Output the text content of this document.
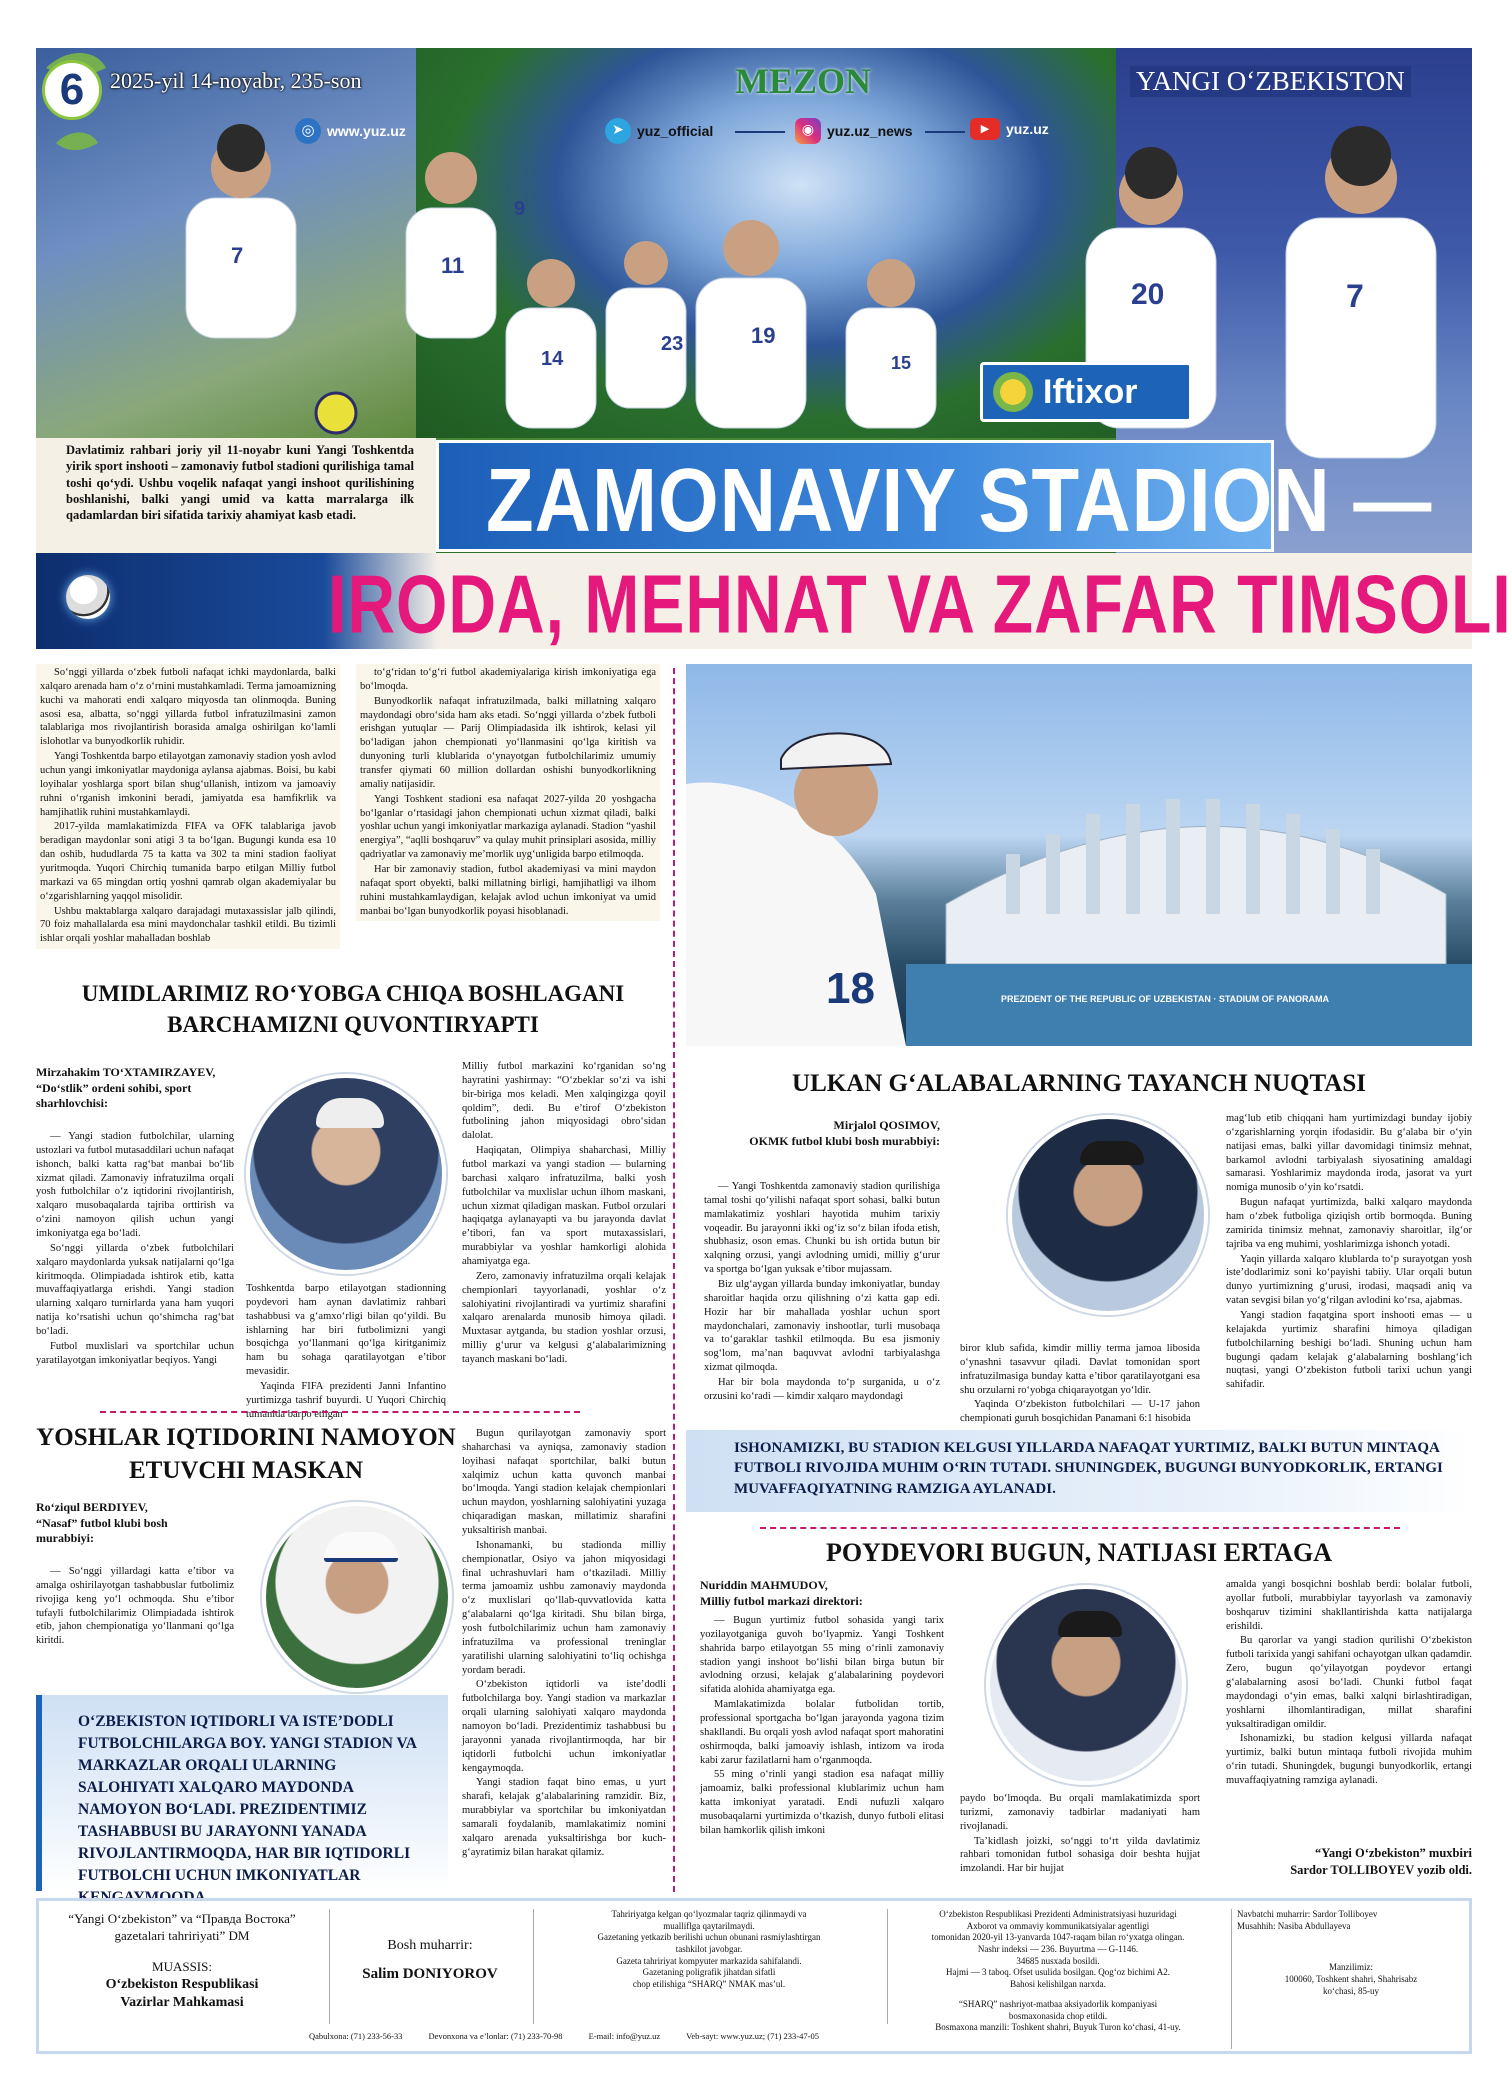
7
9
11
23
14
19
15
20	7
6	2025-yil 14-noyabr, 235-son	MEZON	YANGI O‘ZBEKISTON
◎ www.yuz.uz	➤ yuz_official	◉ yuz.uz_news	▶	yuz.uz
Iftixor
Davlatimiz rahbari joriy yil 11-noyabr kuni Yangi Toshkentda yirik sport inshooti – zamonaviy futbol stadioni qurilishiga tamal toshi qo‘ydi. Ushbu voqelik nafaqat yangi inshoot qurilishining boshlanishi, balki yangi umid va katta marralarga ilk qadamlardan biri sifatida tarixiy ahamiyat kasb etadi.	ZAMONAVIY STADION —
IRODA, MEHNAT VA ZAFAR TIMSOLI

So‘nggi yillarda o‘zbek futboli nafaqat ichki maydonlarda, balki xalqaro arenada ham o‘z o‘rnini mustahkamladi. Terma jamoamizning kuchi va mahorati endi xalqaro miqyosda tan olinmoqda. Buning asosi esa, albatta, so‘nggi yillarda futbol infratuzilmasini zamon talablariga mos rivojlantirish borasida amalga oshirilgan ko‘lamli islohotlar va bunyodkorlik ruhidir.

Yangi Toshkentda barpo etilayotgan zamonaviy stadion yosh avlod uchun yangi imkoniyatlar maydoniga aylansa ajabmas. Boisi, bu kabi loyihalar yoshlarga sport bilan shug‘ullanish, intizom va jamoaviy ruhni o‘rganish imkonini beradi, jamiyatda esa hamfikrlik va hamjihatlik ruhini mustahkamlaydi.

2017-yilda mamlakatimizda FIFA va OFK talablariga javob beradigan maydonlar soni atigi 3 ta bo‘lgan. Bugungi kunda esa 10 dan oshib, hududlarda 75 ta katta va 302 ta mini stadion faoliyat yuritmoqda. Yuqori Chirchiq tumanida barpo etilgan Milliy futbol markazi va 65 mingdan ortiq yoshni qamrab olgan akademiyalar bu o‘zgarishlarning yaqqol misolidir.

Ushbu maktablarga xalqaro darajadagi mutaxassislar jalb qilindi, 70 foiz mahallalarda esa mini maydonchalar tashkil etildi. Bu tizimli ishlar orqali yoshlar mahalladan boshlab

to‘g‘ridan to‘g‘ri futbol akademiyalariga kirish imkoniyatiga ega bo‘lmoqda.

Bunyodkorlik nafaqat infratuzilmada, balki millatning xalqaro maydondagi obro‘sida ham aks etadi. So‘nggi yillarda o‘zbek futboli erishgan yutuqlar — Parij Olimpiadasida ilk ishtirok, kelasi yil bo‘ladigan jahon chempionati yo‘llanmasini qo‘lga kiritish va dunyoning turli klublarida o‘ynayotgan futbolchilarimiz umumiy transfer qiymati 60 million dollardan oshishi bunyodkorlikning amaliy natijasidir.

Yangi Toshkent stadioni esa nafaqat 2027-yilda 20 yoshgacha bo‘lganlar o‘rtasidagi jahon chempionati uchun xizmat qiladi, balki yoshlar uchun yangi imkoniyatlar markaziga aylanadi. Stadion “yashil energiya”, “aqlli boshqaruv” va qulay muhit prinsiplari asosida, milliy qadriyatlar va zamonaviy me’morlik uyg‘unligida barpo etilmoqda.

Har bir zamonaviy stadion, futbol akademiyasi va mini maydon nafaqat sport obyekti, balki millatning birligi, hamjihatligi va ilhom ruhini mustahkamlaydigan, kelajak avlod uchun imkoniyat va umid manbai bo‘lgan bunyodkorlik poyasi hisoblanadi.

18	PREZIDENT OF THE REPUBLIC OF UZBEKISTAN · STADIUM OF PANORAMA
UMIDLARIMIZ RO‘YOBGA CHIQA BOSHLAGANI BARCHAMIZNI QUVONTIRYAPTI
Mirzahakim TO‘XTAMIRZAYEV,
“Do‘stlik” ordeni sohibi, sport sharhlovchisi:

— Yangi stadion futbolchilar, ularning ustozlari va futbol mutasaddilari uchun nafaqat ishonch, balki katta rag‘bat manbai bo‘lib xizmat qiladi. Zamonaviy infratuzilma orqali yosh futbolchilar o‘z iqtidorini rivojlantirish, xalqaro musobaqalarda tajriba orttirish va o‘zini namoyon qilish uchun yangi imkoniyatga ega bo‘ladi.

So‘nggi yillarda o‘zbek futbolchilari xalqaro maydonlarda yuksak natijalarni qo‘lga kiritmoqda. Olimpiadada ishtirok etib, katta muvaffaqiyatlarga erishdi. Yangi stadion ularning xalqaro turnirlarda yana ham yuqori natija ko‘rsatishi uchun qo‘shimcha rag‘bat bo‘ladi.

Futbol muxlislari va sportchilar uchun yaratilayotgan imkoniyatlar beqiyos. Yangi

Toshkentda barpo etilayotgan stadionning poydevori ham aynan davlatimiz rahbari tashabbusi va g‘amxo‘rligi bilan qo‘yildi. Bu ishlarning har biri futbolimizni yangi bosqichga yo‘llanmani qo‘lga kiritganimiz ham bu sohaga qaratilayotgan e’tibor mevasidir.

Yaqinda FIFA prezidenti Janni Infantino yurtimizga tashrif buyurdi. U Yuqori Chirchiq tumanida barpo etilgan

Milliy futbol markazini ko‘rganidan so‘ng hayratini yashirmay: “O‘zbeklar so‘zi va ishi bir-biriga mos keladi. Men xalqingizga qoyil qoldim”, dedi. Bu e’tirof O‘zbekiston futbolining jahon miqyosidagi obro‘sidan dalolat.

Haqiqatan, Olimpiya shaharchasi, Milliy futbol markazi va yangi stadion — bularning barchasi xalqaro infratuzilma, balki yosh futbolchilar va muxlislar uchun ilhom maskani, uchun xizmat qiladigan maskan. Futbol orzulari haqiqatga aylanayapti va bu jarayonda davlat e’tibori, fan va sport mutaxassislari, murabbiylar va yoshlar hamkorligi alohida ahamiyatga ega.

Zero, zamonaviy infratuzilma orqali kelajak chempionlari tayyorlanadi, yoshlar o‘z salohiyatini rivojlantiradi va yurtimiz sharafini xalqaro arenalarda munosib himoya qiladi. Muxtasar aytganda, bu stadion yoshlar orzusi, milliy g‘urur va kelgusi g‘alabalarimizning tayanch maskani bo‘ladi.

YOSHLAR IQTIDORINI NAMOYON ETUVCHI MASKAN
Ro‘ziqul BERDIYEV,
“Nasaf” futbol klubi bosh murabbiyi:

— So‘nggi yillardagi katta e’tibor va amalga oshirilayotgan tashabbuslar futbolimiz rivojiga keng yo‘l ochmoqda. Shu e’tibor tufayli futbolchilarimiz Olimpiadada ishtirok etib, jahon chempionatiga yo‘llanmani qo‘lga kiritdi.

Bugun qurilayotgan zamonaviy sport shaharchasi va ayniqsa, zamonaviy stadion loyihasi nafaqat sportchilar, balki butun xalqimiz uchun katta quvonch manbai bo‘lmoqda. Yangi stadion kelajak chempionlari uchun maydon, yoshlarning salohiyatini yuzaga chiqaradigan maskan, millatimiz sharafini yuksaltirish manbai.

Ishonamanki, bu stadionda milliy chempionatlar, Osiyo va jahon miqyosidagi final uchrashuvlari ham o‘tkaziladi. Milliy terma jamoamiz ushbu zamonaviy maydonda o‘z muxlislari qo‘llab-quvvatlovida katta g‘alabalarni qo‘lga kiritadi. Shu bilan birga, yosh futbolchilarimiz uchun ham zamonaviy infratuzilma va professional treninglar yaratilishi ularning salohiyatini to‘liq ochishga yordam beradi.

O‘zbekiston iqtidorli va iste’dodli futbolchilarga boy. Yangi stadion va markazlar orqali ularning salohiyati xalqaro maydonda namoyon bo‘ladi. Prezidentimiz tashabbusi bu jarayonni yanada rivojlantirmoqda, har bir iqtidorli futbolchi uchun imkoniyatlar kengaymoqda.

Yangi stadion faqat bino emas, u yurt sharafi, kelajak g‘alabalarining ramzidir. Biz, murabbiylar va sportchilar bu imkoniyatdan samarali foydalanib, mamlakatimiz nomini xalqaro arenada yuksaltirishga bor kuch-g‘ayratimiz bilan harakat qilamiz.

O‘ZBEKISTON IQTIDORLI VA ISTE’DODLI FUTBOLCHILARGA BOY. YANGI STADION VA MARKAZLAR ORQALI ULARNING SALOHIYATI XALQARO MAYDONDA NAMOYON BO‘LADI. PREZIDENTIMIZ TASHABBUSI BU JARAYONNI YANADA RIVOJLANTIRMOQDA, HAR BIR IQTIDORLI FUTBOLCHI UCHUN IMKONIYATLAR
ULKAN G‘ALABALARNING TAYANCH NUQTASI
Mirjalol QOSIMOV,
OKMK futbol klubi bosh murabbiyi:

— Yangi Toshkentda zamonaviy stadion qurilishiga tamal toshi qo‘yilishi nafaqat sport sohasi, balki butun mamlakatimiz yoshlari hayotida muhim tarixiy voqeadir. Bu jarayonni ikki og‘iz so‘z bilan ifoda etish, shubhasiz, oson emas. Chunki bu ish ortida butun bir xalqning orzusi, yangi avlodning umidi, milliy g‘urur va sportga bo‘lgan yuksak e’tibor mujassam.

Biz ulg‘aygan yillarda bunday imkoniyatlar, bunday sharoitlar haqida orzu qilishning o‘zi katta gap edi. Hozir har bir mahallada yoshlar uchun sport maydonchalari, zamonaviy inshootlar, turli musobaqa va to‘garaklar tashkil etilmoqda. Bu esa jismoniy sog‘lom, ma’nan baquvvat avlodni tarbiyalashga xizmat qilmoqda.

Har bir bola maydonda to‘p surganida, u o‘z orzusini ko‘radi — kimdir xalqaro maydondagi

biror klub safida, kimdir milliy terma jamoa libosida o‘ynashni tasavvur qiladi. Davlat tomonidan sport infratuzilmasiga bunday katta e’tibor qaratilayotgani esa shu orzularni ro‘yobga chiqarayotgan yo‘ldir.

Yaqinda O‘zbekiston futbolchilari — U-17 jahon chempionati guruh bosqichidan Panamani 6:1 hisobida

mag‘lub etib chiqqani ham yurtimizdagi bunday ijobiy o‘zgarishlarning yorqin ifodasidir. Bu g‘alaba bir o‘yin natijasi emas, balki yillar davomidagi tinimsiz mehnat, barkamol avlodni tarbiyalash siyosatining amaldagi samarasi. Yoshlarimiz maydonda iroda, jasorat va yurt nomiga munosib o‘yin ko‘rsatdi.

Bugun nafaqat yurtimizda, balki xalqaro maydonda ham o‘zbek futboliga qiziqish ortib bormoqda. Buning zamirida tinimsiz mehnat, zamonaviy sharoitlar, ilg‘or tajriba va eng muhimi, yoshlarimizga ishonch yotadi.

Yaqin yillarda xalqaro klublarda to‘p surayotgan yosh iste’dodlarimiz soni ko‘payishi tabiiy. Ular orqali butun dunyo yurtimizning g‘urusi, irodasi, maqsadi aniq va vatan sevgisi bilan yo‘g‘rilgan avlodini ko‘rsa, ajabmas.

Yangi stadion faqatgina sport inshooti emas — u kelajakda yurtimiz sharafini himoya qiladigan futbolchilarning beshigi bo‘ladi. Shuning uchun ham bugungi qadam kelajak g‘alabalarning boshlang‘ich nuqtasi, yangi O‘zbekiston futboli tarixi uchun yangi sahifadir.

ISHONAMIZKI, BU STADION KELGUSI YILLARDA NAFAQAT YURTIMIZ, BALKI BUTUN MINTAQA FUTBOLI RIVOJIDA MUHIM O‘RIN TUTADI. SHUNINGDEK, BUGUNGI BUNYODKORLIK, ERTANGI MUVAFFAQIYATNING RAMZIGA AYLANADI.
POYDEVORI BUGUN, NATIJASI ERTAGA
Nuriddin MAHMUDOV,
Milliy futbol markazi direktori:

— Bugun yurtimiz futbol sohasida yangi tarix yozilayotganiga guvoh bo‘lyapmiz. Yangi Toshkent shahrida barpo etilayotgan 55 ming o‘rinli zamonaviy stadion yangi inshoot bo‘lishi bilan birga butun bir avlodning orzusi, kelajak g‘alabalarining poydevori sifatida alohida ahamiyatga ega.

Mamlakatimizda bolalar futbolidan tortib, professional sportgacha bo‘lgan jarayonda yagona tizim shakllandi. Bu orqali yosh avlod nafaqat sport mahoratini oshirmoqda, balki jamoaviy ishlash, intizom va iroda kabi zarur fazilatlarni ham o‘rganmoqda.

55 ming o‘rinli yangi stadion esa nafaqat milliy jamoamiz, balki professional klublarimiz uchun ham katta imkoniyat yaratadi. Endi nufuzli xalqaro musobaqalarni yurtimizda o‘tkazish, dunyo futboli elitasi bilan hamkorlik qilish imkoni

paydo bo‘lmoqda. Bu orqali mamlakatimizda sport turizmi, zamonaviy tadbirlar madaniyati ham rivojlanadi.

Ta’kidlash joizki, so‘nggi to‘rt yilda davlatimiz rahbari tomonidan futbol sohasiga doir beshta hujjat imzolandi. Har bir hujjat

amalda yangi bosqichni boshlab berdi: bolalar futboli, ayollar futboli, murabbiylar tayyorlash va zamonaviy boshqaruv tizimini shakllantirishda katta natijalarga erishildi.

Bu qarorlar va yangi stadion qurilishi O‘zbekiston futboli tarixida yangi sahifani ochayotgan ulkan qadamdir. Zero, bugun qo‘yilayotgan poydevor ertangi g‘alabalarning asosi bo‘ladi. Chunki futbol faqat maydondagi o‘yin emas, balki xalqni birlashtiradigan, yoshlarni ilhomlantiradigan, millat sharafini yuksaltiradigan omildir.

Ishonamizki, bu stadion kelgusi yillarda nafaqat yurtimiz, balki butun mintaqa futboli rivojida muhim o‘rin tutadi. Shuningdek, bugungi bunyodkorlik, ertangi muvaffaqiyatning ramziga aylanadi.

“Yangi O‘zbekiston” muxbiri
Sardor TOLLIBOYEV yozib oldi.
“Yangi O‘zbekiston” va “Правда Востока”
gazetalari tahririyati” DM
MUASSIS:
O‘zbekiston Respublikasi Vazirlar Mahkamasi
Bosh muharrir:
Salim DONIYOROV
Tahririyatga kelgan qo‘lyozmalar taqriz qilinmaydi va
mualliflga qaytarilmaydi.
Gazetaning yetkazib berilishi uchun obunani rasmiylashtirgan
tashkilot javobgar.
Gazeta tahririyat kompyuter markazida sahifalandi.
Gazetaning poligrafik jihatdan sifatli
chop etilishiga “SHARQ” NMAK mas’ul.
O‘zbekiston Respublikasi Prezidenti Administratsiyasi huzuridagi
Axborot va ommaviy kommunikatsiyalar agentligi
tomonidan 2020-yil 13-yanvarda 1047-raqam bilan ro‘yxatga olingan.
Nashr indeksi — 236. Buyurtma — G-1146.
34685 nusxada bosildi.
Hajmi — 3 taboq. Ofset usulida bosilgan. Qog‘oz bichimi A2.
Bahosi kelishilgan narxda.
“SHARQ” nashriyot-matbaa aksiyadorlik kompaniyasi
bosmaxonasida chop etildi.
Bosmaxona manzili: Toshkent shahri, Buyuk Turon ko‘chasi, 41-uy.
Navbatchi muharrir: Sardor Tolliboyev
Musahhih: Nasiba Abdullayeva
Manzilimiz:
100060, Toshkent shahri, Shahrisabz ko‘chasi, 85-uy
Qabulxona: (71) 233-56-33	Devonxona va e’lonlar: (71) 233-70-98	E-mail: info@yuz.uz	Veb-sayt: www.yuz.uz; (71) 233-47-05
